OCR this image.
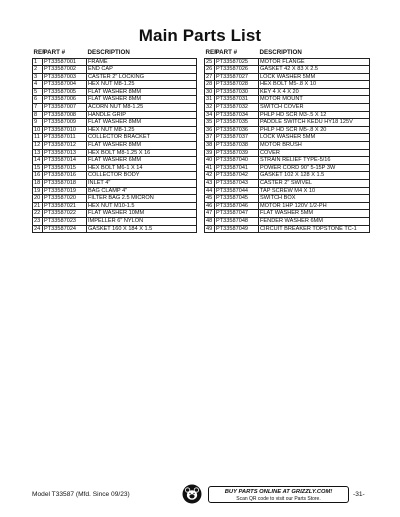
Main Parts List
REF	PART #	DESCRIPTION
1	PT33587001	FRAME
2	PT33587002	END CAP
3	PT33587003	CASTER 2" LOCKING
4	PT33587004	HEX NUT M8-1.25
5	PT33587005	FLAT WASHER 8MM
6	PT33587006	FLAT WASHER 8MM
7	PT33587007	ACORN NUT M8-1.25
8	PT33587008	HANDLE GRIP
9	PT33587009	FLAT WASHER 8MM
10	PT33587010	HEX NUT M8-1.25
11	PT33587011	COLLECTOR BRACKET
12	PT33587012	FLAT WASHER 8MM
13	PT33587013	HEX BOLT M8-1.25 X 16
14	PT33587014	FLAT WASHER 6MM
15	PT33587015	HEX BOLT M6-1 X 14
16	PT33587016	COLLECTOR BODY
18	PT33587018	INLET 4"
19	PT33587019	BAG CLAMP 4"
20	PT33587020	FILTER BAG 2.5 MICRON
21	PT33587021	HEX NUT M10-1.5
22	PT33587022	FLAT WASHER 10MM
23	PT33587023	IMPELLER 6" NYLON
24	PT33587024	GASKET 160 X 184 X 1.5
REF	PART #	DESCRIPTION
25	PT33587025	MOTOR FLANGE
26	PT33587026	GASKET 42 X 83 X 2.5
27	PT33587027	LOCK WASHER 5MM
28	PT33587028	HEX BOLT M5-.8 X 10
30	PT33587030	KEY 4 X 4 X 20
31	PT33587031	MOTOR MOUNT
32	PT33587032	SWITCH COVER
34	PT33587034	PHLP HD SCR M3-.5 X 12
35	PT33587035	PADDLE SWITCH KEDU HY18 125V
36	PT33587036	PHLP HD SCR M5-.8 X 20
37	PT33587037	LOCK WASHER 5MM
38	PT33587038	MOTOR BRUSH
39	PT33587039	COVER
40	PT33587040	STRAIN RELIEF TYPE-5/16
41	PT33587041	POWER CORD 90" 5-15P 3W
42	PT33587042	GASKET 102 X 128 X 1.5
43	PT33587043	CASTER 2" SWIVEL
44	PT33587044	TAP SCREW M4 X 10
45	PT33587045	SWITCH BOX
46	PT33587046	MOTOR 1HP 120V 1/2-PH
47	PT33587047	FLAT WASHER 5MM
48	PT33587048	FENDER WASHER 6MM
49	PT33587049	CIRCUIT BREAKER TOPSTONE TC-1
Model T33587 (Mfd. Since 09/23)	BUY PARTS ONLINE AT GRIZZLY.COM!
Scan QR code to visit our Parts Store.
-31-
